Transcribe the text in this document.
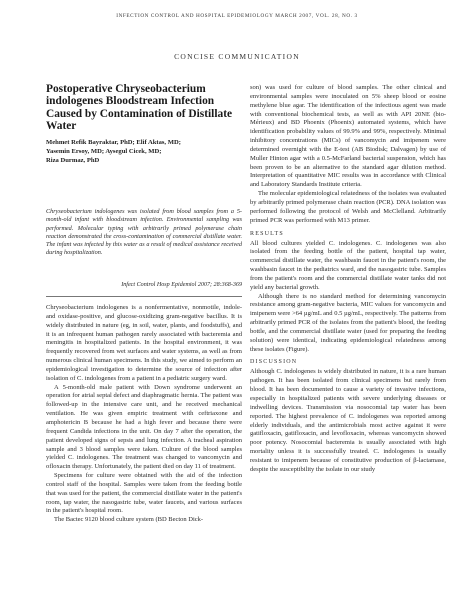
INFECTION CONTROL AND HOSPITAL EPIDEMIOLOGY MARCH 2007, VOL. 28, NO. 3
CONCISE COMMUNICATION
Postoperative Chryseobacterium indologenes Bloodstream Infection Caused by Contamination of Distillate Water
Mehmet Refik Bayraktar, PhD; Elif Aktas, MD;
Yasemin Ersoy, MD; Aysegul Cicek, MD;
Riza Durmaz, PhD

Chryseobacterium indologenes was isolated from blood samples from a 5-month-old infant with bloodstream infection. Environmental sampling was performed. Molecular typing with arbitrarily primed polymerase chain reaction demonstrated the cross-contamination of commercial distillate water. The infant was infected by this water as a result of medical assistance received during hospitalization.

Infect Control Hosp Epidemiol 2007; 28:368-369

Chryseobacterium indologenes is a nonfermentative, nonmotile, indole- and oxidase-positive, and glucose-oxidizing gram-negative bacillus. It is widely distributed in nature (eg, in soil, water, plants, and foodstuffs), and it is an infrequent human pathogen rarely associated with bacteremia and meningitis in hospitalized patients. In the hospital environment, it was frequently recovered from wet surfaces and water systems, as well as from numerous clinical human specimens. In this study, we aimed to perform an epidemiological investigation to determine the source of infection after isolation of C. indologenes from a patient in a pediatric surgery ward.

A 5-month-old male patient with Down syndrome underwent an operation for atrial septal defect and diaphragmatic hernia. The patient was followed-up in the intensive care unit, and he received mechanical ventilation. He was given empiric treatment with ceftriaxone and amphotericin B because he had a high fever and because there were frequent Candida infections in the unit. On day 7 after the operation, the patient developed signs of sepsis and lung infection. A tracheal aspiration sample and 3 blood samples were taken. Culture of the blood samples yielded C. indologenes. The treatment was changed to vancomycin and ofloxacin therapy. Unfortunately, the patient died on day 11 of treatment.

Specimens for culture were obtained with the aid of the infection control staff of the hospital. Samples were taken from the feeding bottle that was used for the patient, the commercial distillate water in the patient's room, tap water, the nasogastric tube, water faucets, and various surfaces in the patient's hospital room.

The Bactec 9120 blood culture system (BD Becton Dick-

son) was used for culture of blood samples. The other clinical and environmental samples were inoculated on 5% sheep blood or eosine methylene blue agar. The identification of the infectious agent was made with conventional biochemical tests, as well as with API 20NE (bio-Mérieux) and BD Phoenix (Phoenix) automated systems, which have identification probability values of 99.9% and 99%, respectively. Minimal inhibitory concentrations (MICs) of vancomycin and imipenem were determined overnight with the E-test (AB Biodisk; Dalvagen) by use of Muller Hinton agar with a 0.5-McFarland bacterial suspension, which has been proven to be an alternative to the standard agar dilution method. Interpretation of quantitative MIC results was in accordance with Clinical and Laboratory Standards Institute criteria.

The molecular epidemiological relatedness of the isolates was evaluated by arbitrarily primed polymerase chain reaction (PCR). DNA isolation was performed following the protocol of Welsh and McClelland. Arbitrarily primed PCR was performed with M13 primer.

RESULTS

All blood cultures yielded C. indologenes. C. indologenes was also isolated from the feeding bottle of the patient, hospital tap water, commercial distillate water, the washbasin faucet in the patient's room, the washbasin faucet in the pediatrics ward, and the nasogastric tube. Samples from the patient's room and the commercial distillate water tanks did not yield any bacterial growth.

Although there is no standard method for determining vancomycin resistance among gram-negative bacteria, MIC values for vancomycin and imipenem were >64 µg/mL and 0.5 µg/mL, respectively. The patterns from arbitrarily primed PCR of the isolates from the patient's blood, the feeding bottle, and the commercial distillate water (used for preparing the feeding solution) were identical, indicating epidemiological relatedness among these isolates (Figure).

DISCUSSION

Although C. indologenes is widely distributed in nature, it is a rare human pathogen. It has been isolated from clinical specimens but rarely from blood. It has been documented to cause a variety of invasive infections, especially in hospitalized patients with severe underlying diseases or indwelling devices. Transmission via nosocomial tap water has been reported. The highest prevalence of C. indologenes was reported among elderly individuals, and the antimicrobials most active against it were gatifloxacin, gatifloxacin, and levofloxacin, whereas vancomycin showed poor potency. Nosocomial bacteremia is usually associated with high mortality unless it is successfully treated. C. indologenes is usually resistant to imipenem because of constitutive production of β-lactamase, despite the susceptibility the isolate in our study
